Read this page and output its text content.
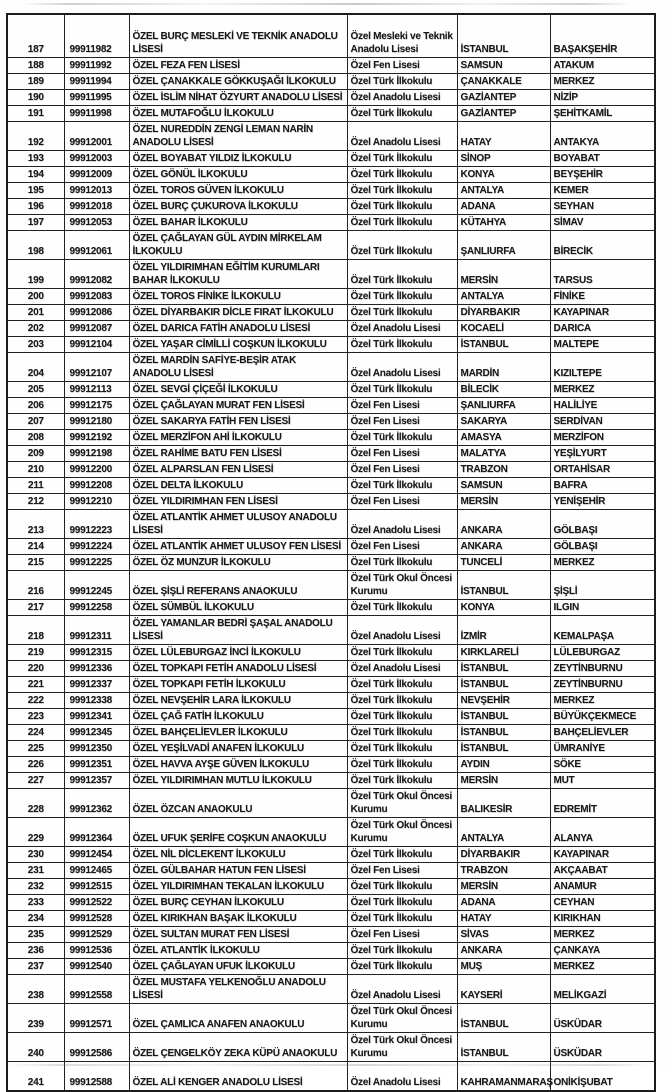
187	99911982	ÖZEL BURÇ MESLEKİ VE TEKNİK ANADOLU LİSESİ	Özel Mesleki ve Teknik Anadolu Lisesi	İSTANBUL	BAŞAKŞEHİR
188	99911992	ÖZEL FEZA FEN LİSESİ	Özel Fen Lisesi	SAMSUN	ATAKUM
189	99911994	ÖZEL ÇANAKKALE GÖKKUŞAĞI İLKOKULU	Özel Türk İlkokulu	ÇANAKKALE	MERKEZ
190	99911995	ÖZEL İSLİM NİHAT ÖZYURT ANADOLU LİSESİ	Özel Anadolu Lisesi	GAZİANTEP	NİZİP
191	99911998	ÖZEL MUTAFOĞLU İLKOKULU	Özel Türk İlkokulu	GAZİANTEP	ŞEHİTKAMİL
192	99912001	ÖZEL NUREDDİN ZENGİ LEMAN NARİN ANADOLU LİSESİ	Özel Anadolu Lisesi	HATAY	ANTAKYA
193	99912003	ÖZEL BOYABAT YILDIZ İLKOKULU	Özel Türk İlkokulu	SİNOP	BOYABAT
194	99912009	ÖZEL GÖNÜL İLKOKULU	Özel Türk İlkokulu	KONYA	BEYŞEHİR
195	99912013	ÖZEL TOROS GÜVEN İLKOKULU	Özel Türk İlkokulu	ANTALYA	KEMER
196	99912018	ÖZEL BURÇ ÇUKUROVA İLKOKULU	Özel Türk İlkokulu	ADANA	SEYHAN
197	99912053	ÖZEL BAHAR İLKOKULU	Özel Türk İlkokulu	KÜTAHYA	SİMAV
198	99912061	ÖZEL ÇAĞLAYAN GÜL AYDIN MİRKELAM İLKOKULU	Özel Türk İlkokulu	ŞANLIURFA	BİRECİK
199	99912082	ÖZEL YILDIRIMHAN EĞİTİM KURUMLARI BAHAR İLKOKULU	Özel Türk İlkokulu	MERSİN	TARSUS
200	99912083	ÖZEL TOROS FİNİKE İLKOKULU	Özel Türk İlkokulu	ANTALYA	FİNİKE
201	99912086	ÖZEL DİYARBAKIR DİCLE FIRAT İLKOKULU	Özel Türk İlkokulu	DİYARBAKIR	KAYAPINAR
202	99912087	ÖZEL DARICA FATİH ANADOLU LİSESİ	Özel Anadolu Lisesi	KOCAELİ	DARICA
203	99912104	ÖZEL YAŞAR CİMİLLİ COŞKUN İLKOKULU	Özel Türk İlkokulu	İSTANBUL	MALTEPE
204	99912107	ÖZEL MARDİN SAFİYE-BEŞİR ATAK ANADOLU LİSESİ	Özel Anadolu Lisesi	MARDİN	KIZILTEPE
205	99912113	ÖZEL SEVGİ ÇİÇEĞİ İLKOKULU	Özel Türk İlkokulu	BİLECİK	MERKEZ
206	99912175	ÖZEL ÇAĞLAYAN MURAT FEN LİSESİ	Özel Fen Lisesi	ŞANLIURFA	HALİLİYE
207	99912180	ÖZEL SAKARYA FATİH FEN LİSESİ	Özel Fen Lisesi	SAKARYA	SERDİVAN
208	99912192	ÖZEL MERZİFON AHİ İLKOKULU	Özel Türk İlkokulu	AMASYA	MERZİFON
209	99912198	ÖZEL RAHİME BATU FEN LİSESİ	Özel Fen Lisesi	MALATYA	YEŞİLYURT
210	99912200	ÖZEL ALPARSLAN FEN LİSESİ	Özel Fen Lisesi	TRABZON	ORTAHİSAR
211	99912208	ÖZEL DELTA İLKOKULU	Özel Türk İlkokulu	SAMSUN	BAFRA
212	99912210	ÖZEL YILDIRIMHAN FEN LİSESİ	Özel Fen Lisesi	MERSİN	YENİŞEHİR
213	99912223	ÖZEL ATLANTİK AHMET ULUSOY ANADOLU LİSESİ	Özel Anadolu Lisesi	ANKARA	GÖLBAŞI
214	99912224	ÖZEL ATLANTİK AHMET ULUSOY FEN LİSESİ	Özel Fen Lisesi	ANKARA	GÖLBAŞI
215	99912225	ÖZEL ÖZ MUNZUR İLKOKULU	Özel Türk İlkokulu	TUNCELİ	MERKEZ
216	99912245	ÖZEL ŞİŞLİ REFERANS ANAOKULU	Özel Türk Okul Öncesi Kurumu	İSTANBUL	ŞİŞLİ
217	99912258	ÖZEL SÜMBÜL İLKOKULU	Özel Türk İlkokulu	KONYA	ILGIN
218	99912311	ÖZEL YAMANLAR BEDRİ ŞAŞAL ANADOLU LİSESİ	Özel Anadolu Lisesi	İZMİR	KEMALPAŞA
219	99912315	ÖZEL LÜLEBURGAZ İNCİ İLKOKULU	Özel Türk İlkokulu	KIRKLARELİ	LÜLEBURGAZ
220	99912336	ÖZEL TOPKAPI FETİH ANADOLU LİSESİ	Özel Anadolu Lisesi	İSTANBUL	ZEYTİNBURNU
221	99912337	ÖZEL TOPKAPI FETİH İLKOKULU	Özel Türk İlkokulu	İSTANBUL	ZEYTİNBURNU
222	99912338	ÖZEL NEVŞEHİR LARA İLKOKULU	Özel Türk İlkokulu	NEVŞEHİR	MERKEZ
223	99912341	ÖZEL ÇAĞ FATİH İLKOKULU	Özel Türk İlkokulu	İSTANBUL	BÜYÜKÇEKMECE
224	99912345	ÖZEL BAHÇELİEVLER İLKOKULU	Özel Türk İlkokulu	İSTANBUL	BAHÇELİEVLER
225	99912350	ÖZEL YEŞİLVADİ ANAFEN İLKOKULU	Özel Türk İlkokulu	İSTANBUL	ÜMRANİYE
226	99912351	ÖZEL HAVVA AYŞE GÜVEN İLKOKULU	Özel Türk İlkokulu	AYDIN	SÖKE
227	99912357	ÖZEL YILDIRIMHAN MUTLU İLKOKULU	Özel Türk İlkokulu	MERSİN	MUT
228	99912362	ÖZEL ÖZCAN ANAOKULU	Özel Türk Okul Öncesi Kurumu	BALIKESİR	EDREMİT
229	99912364	ÖZEL UFUK ŞERİFE COŞKUN ANAOKULU	Özel Türk Okul Öncesi Kurumu	ANTALYA	ALANYA
230	99912454	ÖZEL NİL DİCLEKENT İLKOKULU	Özel Türk İlkokulu	DİYARBAKIR	KAYAPINAR
231	99912465	ÖZEL GÜLBAHAR HATUN FEN LİSESİ	Özel Fen Lisesi	TRABZON	AKÇAABAT
232	99912515	ÖZEL YILDIRIMHAN TEKALAN İLKOKULU	Özel Türk İlkokulu	MERSİN	ANAMUR
233	99912522	ÖZEL BURÇ CEYHAN İLKOKULU	Özel Türk İlkokulu	ADANA	CEYHAN
234	99912528	ÖZEL KIRIKHAN BAŞAK İLKOKULU	Özel Türk İlkokulu	HATAY	KIRIKHAN
235	99912529	ÖZEL SULTAN MURAT FEN LİSESİ	Özel Fen Lisesi	SİVAS	MERKEZ
236	99912536	ÖZEL ATLANTİK İLKOKULU	Özel Türk İlkokulu	ANKARA	ÇANKAYA
237	99912540	ÖZEL ÇAĞLAYAN UFUK İLKOKULU	Özel Türk İlkokulu	MUŞ	MERKEZ
238	99912558	ÖZEL MUSTAFA YELKENOĞLU ANADOLU LİSESİ	Özel Anadolu Lisesi	KAYSERİ	MELİKGAZİ
239	99912571	ÖZEL ÇAMLICA ANAFEN ANAOKULU	Özel Türk Okul Öncesi Kurumu	İSTANBUL	ÜSKÜDAR
240	99912586	ÖZEL ÇENGELKÖY ZEKA KÜPÜ ANAOKULU	Özel Türk Okul Öncesi Kurumu	İSTANBUL	ÜSKÜDAR
241	99912588	ÖZEL ALİ KENGER ANADOLU LİSESİ	Özel Anadolu Lisesi	KAHRAMANMARAŞ	ONİKİŞUBAT
